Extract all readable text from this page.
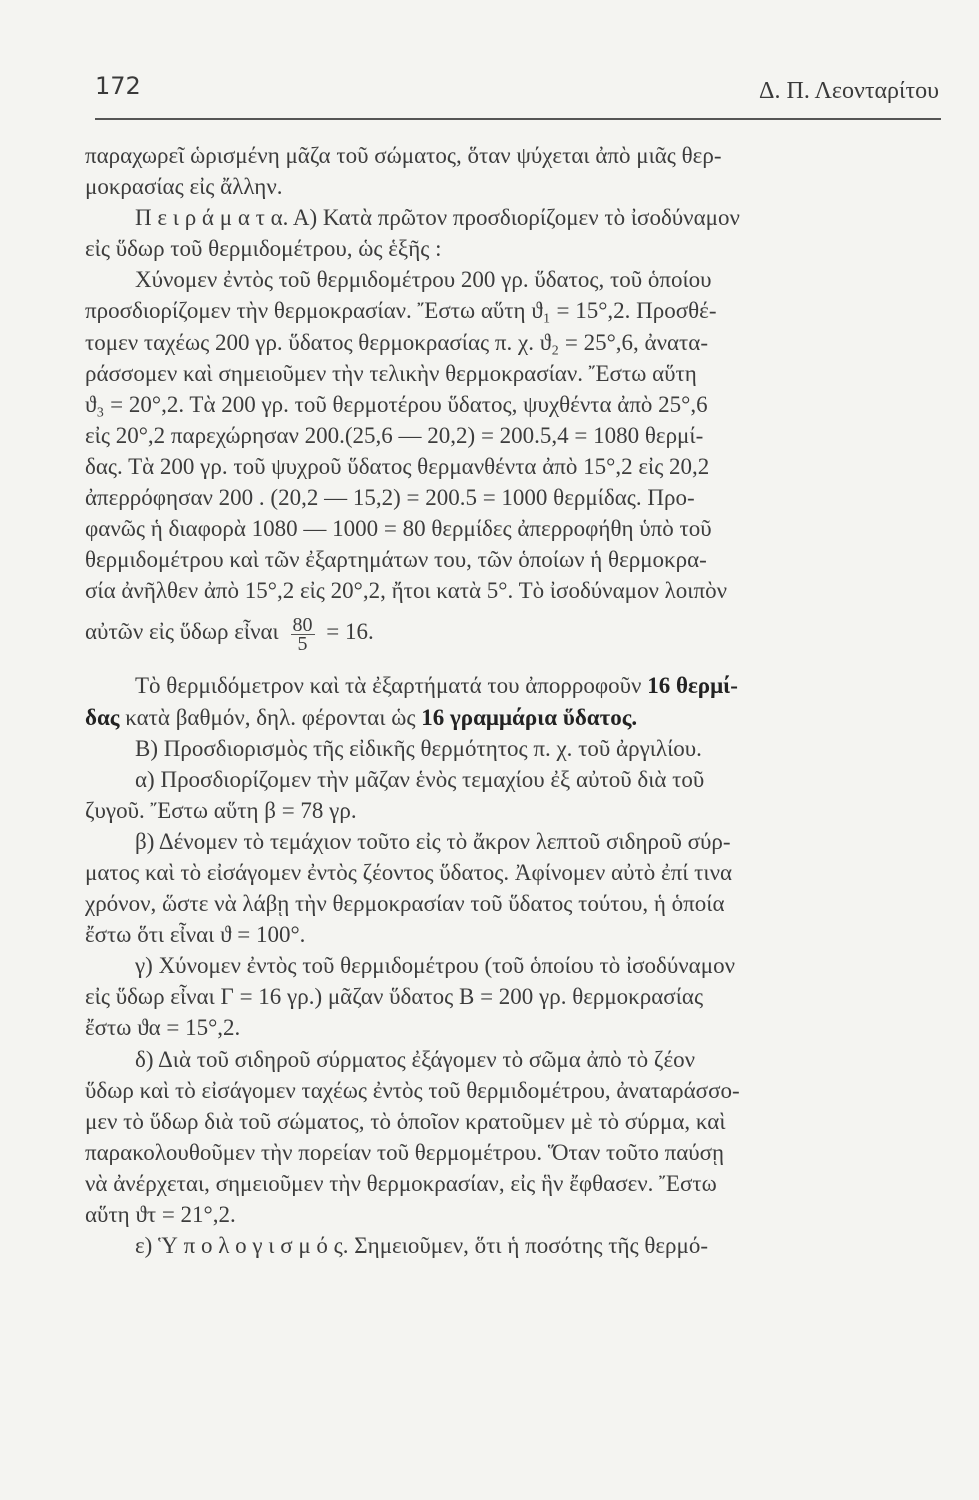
172	Δ. Π. Λεονταρίτου
παραχωρεῖ ὡρισμένη μᾶζα τοῦ σώματος, ὅταν ψύχεται ἀπὸ μιᾶς θερ-
μοκρασίας εἰς ἄλλην.
Π ε ι ρ ά μ α τ α. Α) Κατὰ πρῶτον προσδιορίζομεν τὸ ἰσοδύναμον
εἰς ὕδωρ τοῦ θερμιδομέτρου, ὡς ἑξῆς :
Χύνομεν ἐντὸς τοῦ θερμιδομέτρου 200 γρ. ὕδατος, τοῦ ὁποίου
προσδιορίζομεν τὴν θερμοκρασίαν. Ἔστω αὕτη ϑ₁ = 15°,2. Προσθέ-
τομεν ταχέως 200 γρ. ὕδατος θερμοκρασίας π. χ. ϑ₂ = 25°,6, ἀνατα-
ράσσομεν καὶ σημειοῦμεν τὴν τελικὴν θερμοκρασίαν. Ἔστω αὕτη
ϑ₃ = 20°,2. Τὰ 200 γρ. τοῦ θερμοτέρου ὕδατος, ψυχθέντα ἀπὸ 25°,6
εἰς 20°,2 παρεχώρησαν 200.(25,6 — 20,2) = 200.5,4 = 1080 θερμί-
δας. Τὰ 200 γρ. τοῦ ψυχροῦ ὕδατος θερμανθέντα ἀπὸ 15°,2 εἰς 20,2
ἀπερρόφησαν 200 . (20,2 — 15,2) = 200.5 = 1000 θερμίδας. Προ-
φανῶς ἡ διαφορὰ 1080 — 1000 = 80 θερμίδες ἀπερροφήθη ὑπὸ τοῦ
θερμιδομέτρου καὶ τῶν ἐξαρτημάτων του, τῶν ὁποίων ἡ θερμοκρα-
σία ἀνῆλθεν ἀπὸ 15°,2 εἰς 20°,2, ἤτοι κατὰ 5°. Τὸ ἰσοδύναμον λοιπὸν
αὐτῶν εἰς ὕδωρ εἶναι $\frac{80}{5} = 16$.
Τὸ θερμιδόμετρον καὶ τὰ ἐξαρτήματά του ἀπορροφοῦν 16 θερμί-
δας κατὰ βαθμόν, δηλ. φέρονται ὡς 16 γραμμάρια ὕδατος.
Β) Προσδιορισμὸς τῆς εἰδικῆς θερμότητος π. χ. τοῦ ἀργιλίου.
α) Προσδιορίζομεν τὴν μᾶζαν ἑνὸς τεμαχίου ἐξ αὐτοῦ διὰ τοῦ
ζυγοῦ. Ἔστω αὕτη β = 78 γρ.
β) Δένομεν τὸ τεμάχιον τοῦτο εἰς τὸ ἄκρον λεπτοῦ σιδηροῦ σύρ-
ματος καὶ τὸ εἰσάγομεν ἐντὸς ζέοντος ὕδατος. Ἀφίνομεν αὐτὸ ἐπί τινα
χρόνον, ὥστε νὰ λάβῃ τὴν θερμοκρασίαν τοῦ ὕδατος τούτου, ἡ ὁποία
ἔστω ὅτι εἶναι ϑ = 100°.
γ) Χύνομεν ἐντὸς τοῦ θερμιδομέτρου (τοῦ ὁποίου τὸ ἰσοδύναμον
εἰς ὕδωρ εἶναι Γ = 16 γρ.) μᾶζαν ὕδατος Β = 200 γρ. θερμοκρασίας
ἔστω ϑα = 15°,2.
δ) Διὰ τοῦ σιδηροῦ σύρματος ἐξάγομεν τὸ σῶμα ἀπὸ τὸ ζέον
ὕδωρ καὶ τὸ εἰσάγομεν ταχέως ἐντὸς τοῦ θερμιδομέτρου, ἀναταράσσο-
μεν τὸ ὕδωρ διὰ τοῦ σώματος, τὸ ὁποῖον κρατοῦμεν μὲ τὸ σύρμα, καὶ
παρακολουθοῦμεν τὴν πορείαν τοῦ θερμομέτρου. Ὅταν τοῦτο παύσῃ
νὰ ἀνέρχεται, σημειοῦμεν τὴν θερμοκρασίαν, εἰς ἣν ἔφθασεν. Ἔστω
αὕτη ϑτ = 21°,2.
ε) Ὑ π ο λ ο γ ι σ μ ό ς. Σημειοῦμεν, ὅτι ἡ ποσότης τῆς θερμό-
